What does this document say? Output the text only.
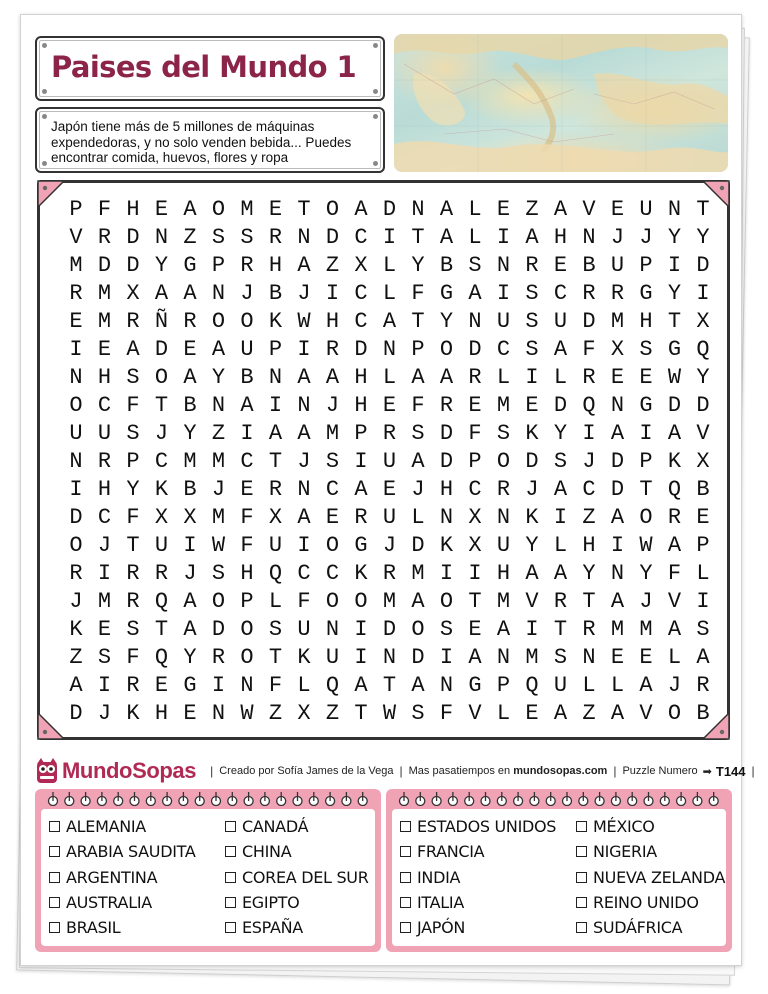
Paises del Mundo 1

Japón tiene más de 5 millones de máquinas expendedoras, y no solo venden bebida... Puedes encontrar comida, huevos, flores y ropa

P F H E A O M E T O A D N A L E Z A V E U N T
V R D N Z S S R N D C I T A L I A H N J J Y Y
M D D Y G P R H A Z X L Y B S N R E B U P I D
R M X A A N J B J I C L F G A I S C R R G Y I
E M R Ñ R O O K W H C A T Y N U S U D M H T X
I E A D E A U P I R D N P O D C S A F X S G Q
N H S O A Y B N A A H L A A R L I L R E E W Y
O C F T B N A I N J H E F R E M E D Q N G D D
U U S J Y Z I A A M P R S D F S K Y I A I A V
N R P C M M C T J S I U A D P O D S J D P K X
I H Y K B J E R N C A E J H C R J A C D T Q B
D C F X X M F X A E R U L N X N K I Z A O R E
O J T U I W F U I O G J D K X U Y L H I W A P
R I R R J S H Q C C K R M I I H A A Y N Y F L
J M R Q A O P L F O O M A O T M V R T A J V I
K E S T A D O S U N I D O S E A I T R M M A S
Z S F Q Y R O T K U I N D I A N M S N E E L A
A I R E G I N F L Q A T A N G P Q U L L A J R
D J K H E N W Z X Z T W S F V L E A Z A V O B
MundoSopas | Creado por Sofía James de la Vega | Mas pasatiempos en mundosopas.com | Puzzle Numero ➡ T144 |
ALEMANIA
ARABIA SAUDITA
ARGENTINA
AUSTRALIA
BRASIL
CANADÁ
CHINA
COREA DEL SUR
EGIPTO
ESPAÑA
ESTADOS UNIDOS
FRANCIA
INDIA
ITALIA
JAPÓN
MÉXICO
NIGERIA
NUEVA ZELANDA
REINO UNIDO
SUDÁFRICA
